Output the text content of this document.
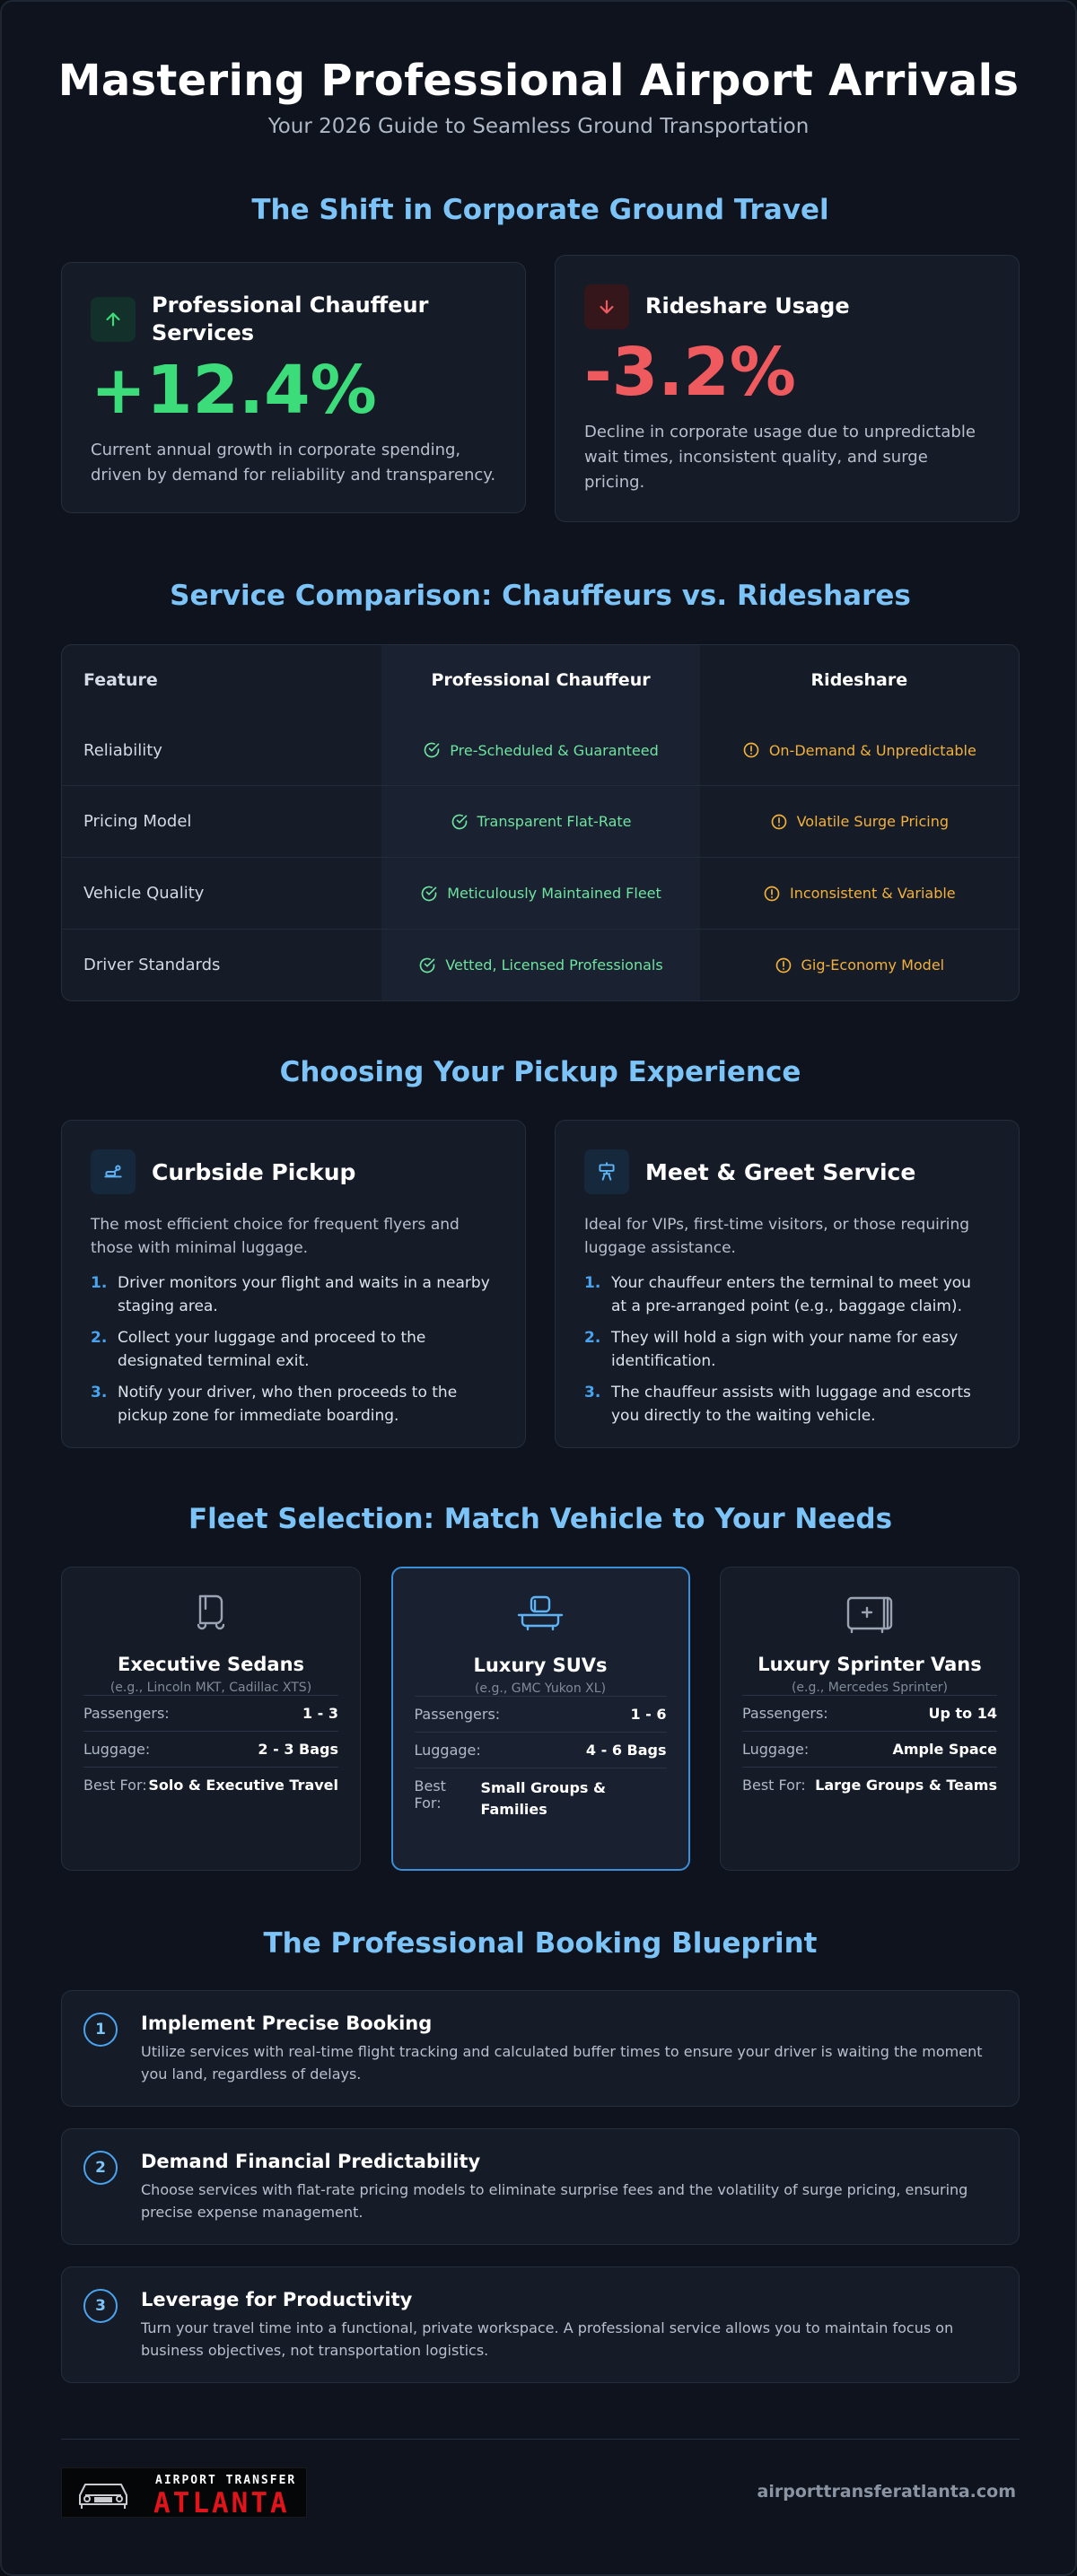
Mastering Professional Airport Arrivals
Your 2026 Guide to Seamless Ground Transportation
The Shift in Corporate Ground Travel
Professional Chauffeur Services
+12.4%
Current annual growth in corporate spending, driven by demand for reliability and transparency.
Rideshare Usage
-3.2%
Decline in corporate usage due to unpredictable wait times, inconsistent quality, and surge pricing.
Service Comparison: Chauffeurs vs. Rideshares
Feature	Professional Chauffeur	Rideshare
Reliability	Pre-Scheduled & Guaranteed	On-Demand & Unpredictable
Pricing Model	Transparent Flat-Rate	Volatile Surge Pricing
Vehicle Quality	Meticulously Maintained Fleet	Inconsistent & Variable
Driver Standards	Vetted, Licensed Professionals	Gig-Economy Model
Choosing Your Pickup Experience
Curbside Pickup
The most efficient choice for frequent flyers and those with minimal luggage.
1. Driver monitors your flight and waits in a nearby staging area.
2. Collect your luggage and proceed to the designated terminal exit.
3. Notify your driver, who then proceeds to the pickup zone for immediate boarding.
Meet & Greet Service
Ideal for VIPs, first-time visitors, or those requiring luggage assistance.
1. Your chauffeur enters the terminal to meet you at a pre-arranged point (e.g., baggage claim).
2. They will hold a sign with your name for easy identification.
3. The chauffeur assists with luggage and escorts you directly to the waiting vehicle.
Fleet Selection: Match Vehicle to Your Needs
Executive Sedans
(e.g., Lincoln MKT, Cadillac XTS)
Passengers:	1 - 3
Luggage:	2 - 3 Bags
Best For: Solo & Executive Travel
Luxury SUVs
(e.g., GMC Yukon XL)
Passengers:	1 - 6
Luggage:	4 - 6 Bags
Best For:
Small Groups & Families
Luxury Sprinter Vans
(e.g., Mercedes Sprinter)
Passengers:	Up to 14
Luggage:	Ample Space
Best For: Large Groups & Teams
The Professional Booking Blueprint
1	Implement Precise Booking
Utilize services with real-time flight tracking and calculated buffer times to ensure your driver is waiting the moment you land, regardless of delays.
2	Demand Financial Predictability
Choose services with flat-rate pricing models to eliminate surprise fees and the volatility of surge pricing, ensuring precise expense management.
3	Leverage for Productivity
Turn your travel time into a functional, private workspace. A professional service allows you to maintain focus on business objectives, not transportation logistics.
AIRPORT TRANSFER
ATLANTA	airporttransferatlanta.com
